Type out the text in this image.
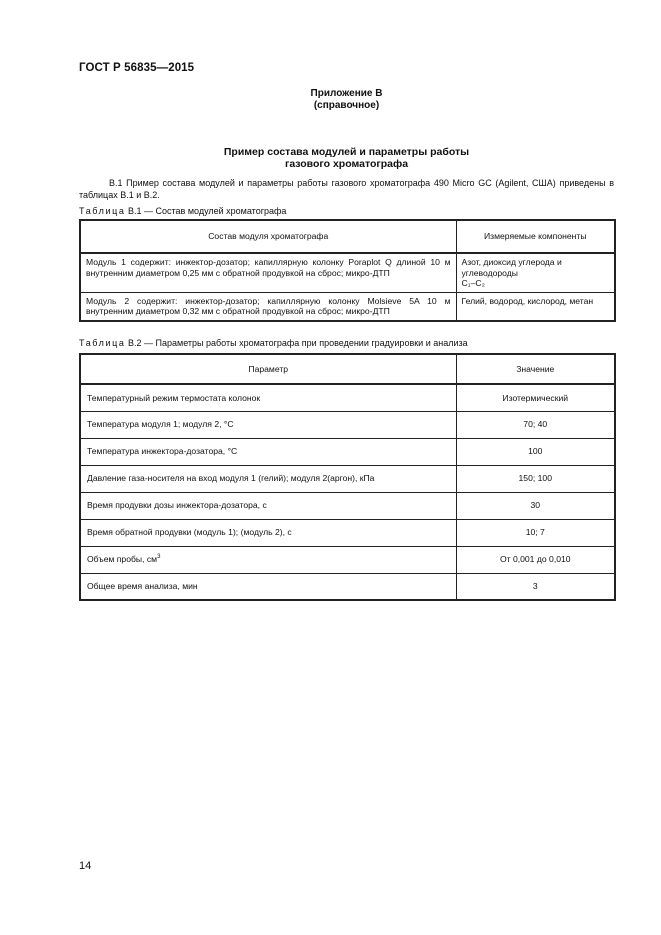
ГОСТ Р 56835—2015
Приложение В
(справочное)
Пример состава модулей и параметры работы
газового хроматографа
В.1 Пример состава модулей и параметры работы газового хроматографа 490 Micro GC (Agilent, США) приведены в таблицах В.1 и В.2.
Таблица В.1 — Состав модулей хроматографа
Состав модуля хроматографа	Измеряемые компоненты
Модуль 1 содержит: инжектор-дозатор; капиллярную колонку Poraplot Q длиной 10 м внутренним диаметром 0,25 мм с обратной продувкой на сброс; микро-ДТП	Азот, диоксид углерода и углеводороды
C₁–C₂

Модуль 2 содержит: инжектор-дозатор; капиллярную колонку Molsieve 5A 10 м внутренним диаметром 0,32 мм с обратной продувкой на сброс; микро-ДТП	Гелий, водород, кислород, метан
Таблица В.2 — Параметры работы хроматографа при проведении градуировки и анализа
Параметр	Значение
Температурный режим термостата колонок	Изотермический
Температура модуля 1; модуля 2, °С	70; 40
Температура инжектора-дозатора, °С	100
Давление газа-носителя на вход модуля 1 (гелий); модуля 2(аргон), кПа	150; 100
Время продувки дозы инжектора-дозатора, с	30
Время обратной продувки (модуль 1); (модуль 2), с	10; 7
Объем пробы, $см^3$	От 0,001 до 0,010
Общее время анализа, мин	3
14
